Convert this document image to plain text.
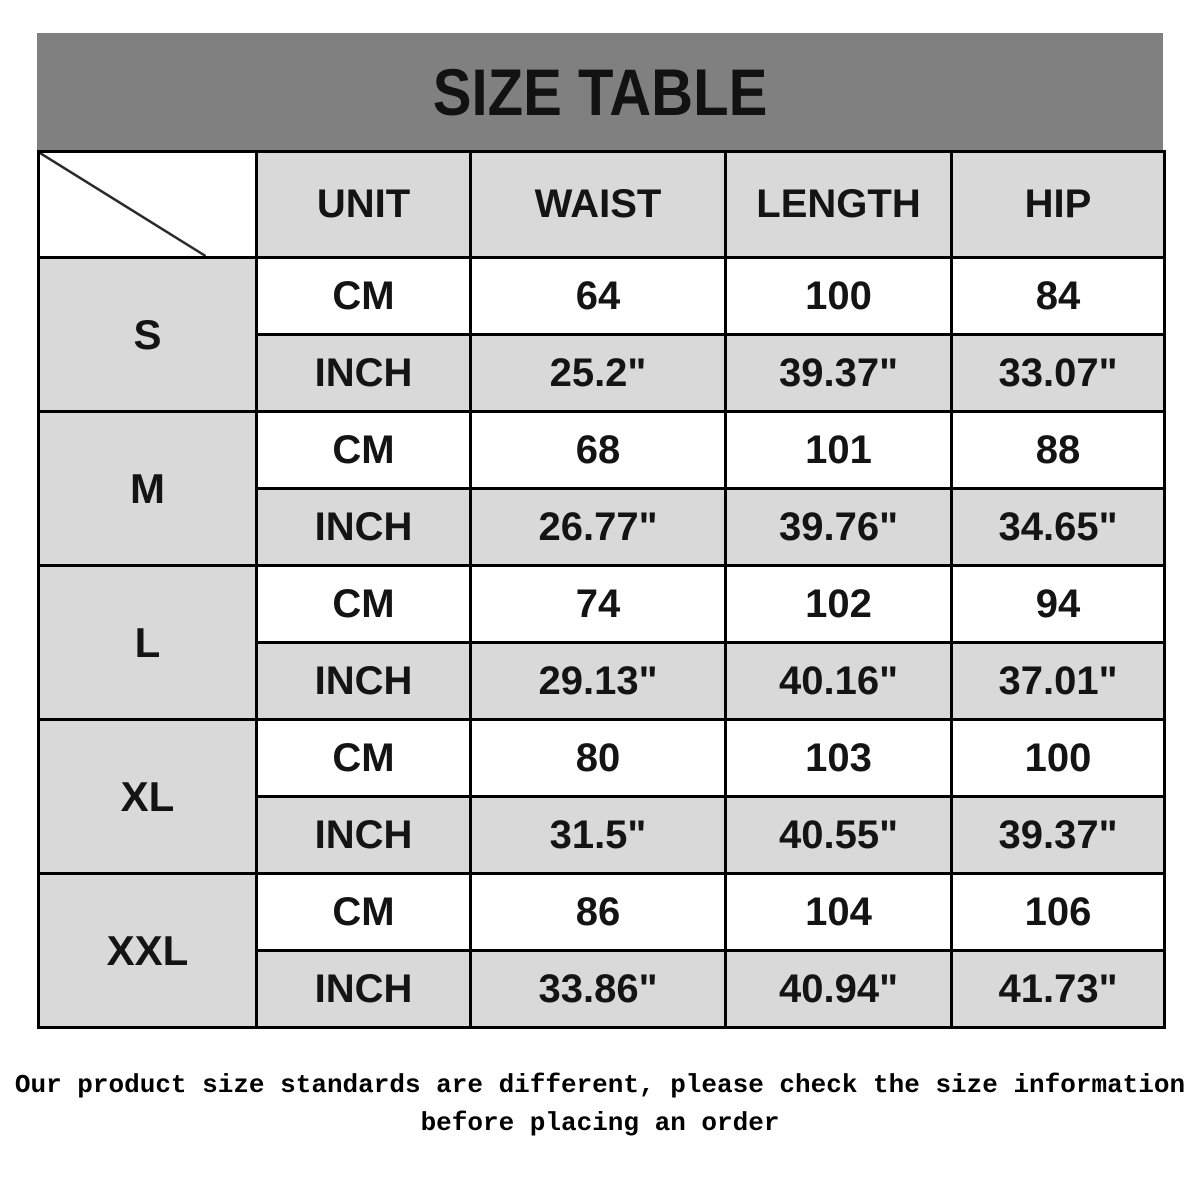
SIZE TABLE
	UNIT	WAIST	LENGTH	HIP
S	CM	64	100	84
	INCH	25.2"	39.37"	33.07"
M	CM	68	101	88
	INCH	26.77"	39.76"	34.65"
L	CM	74	102	94
	INCH	29.13"	40.16"	37.01"
XL	CM	80	103	100
	INCH	31.5"	40.55"	39.37"
XXL	CM	86	104	106
	INCH	33.86"	40.94"	41.73"
Our product size standards are different, please check the size information
before placing an order
